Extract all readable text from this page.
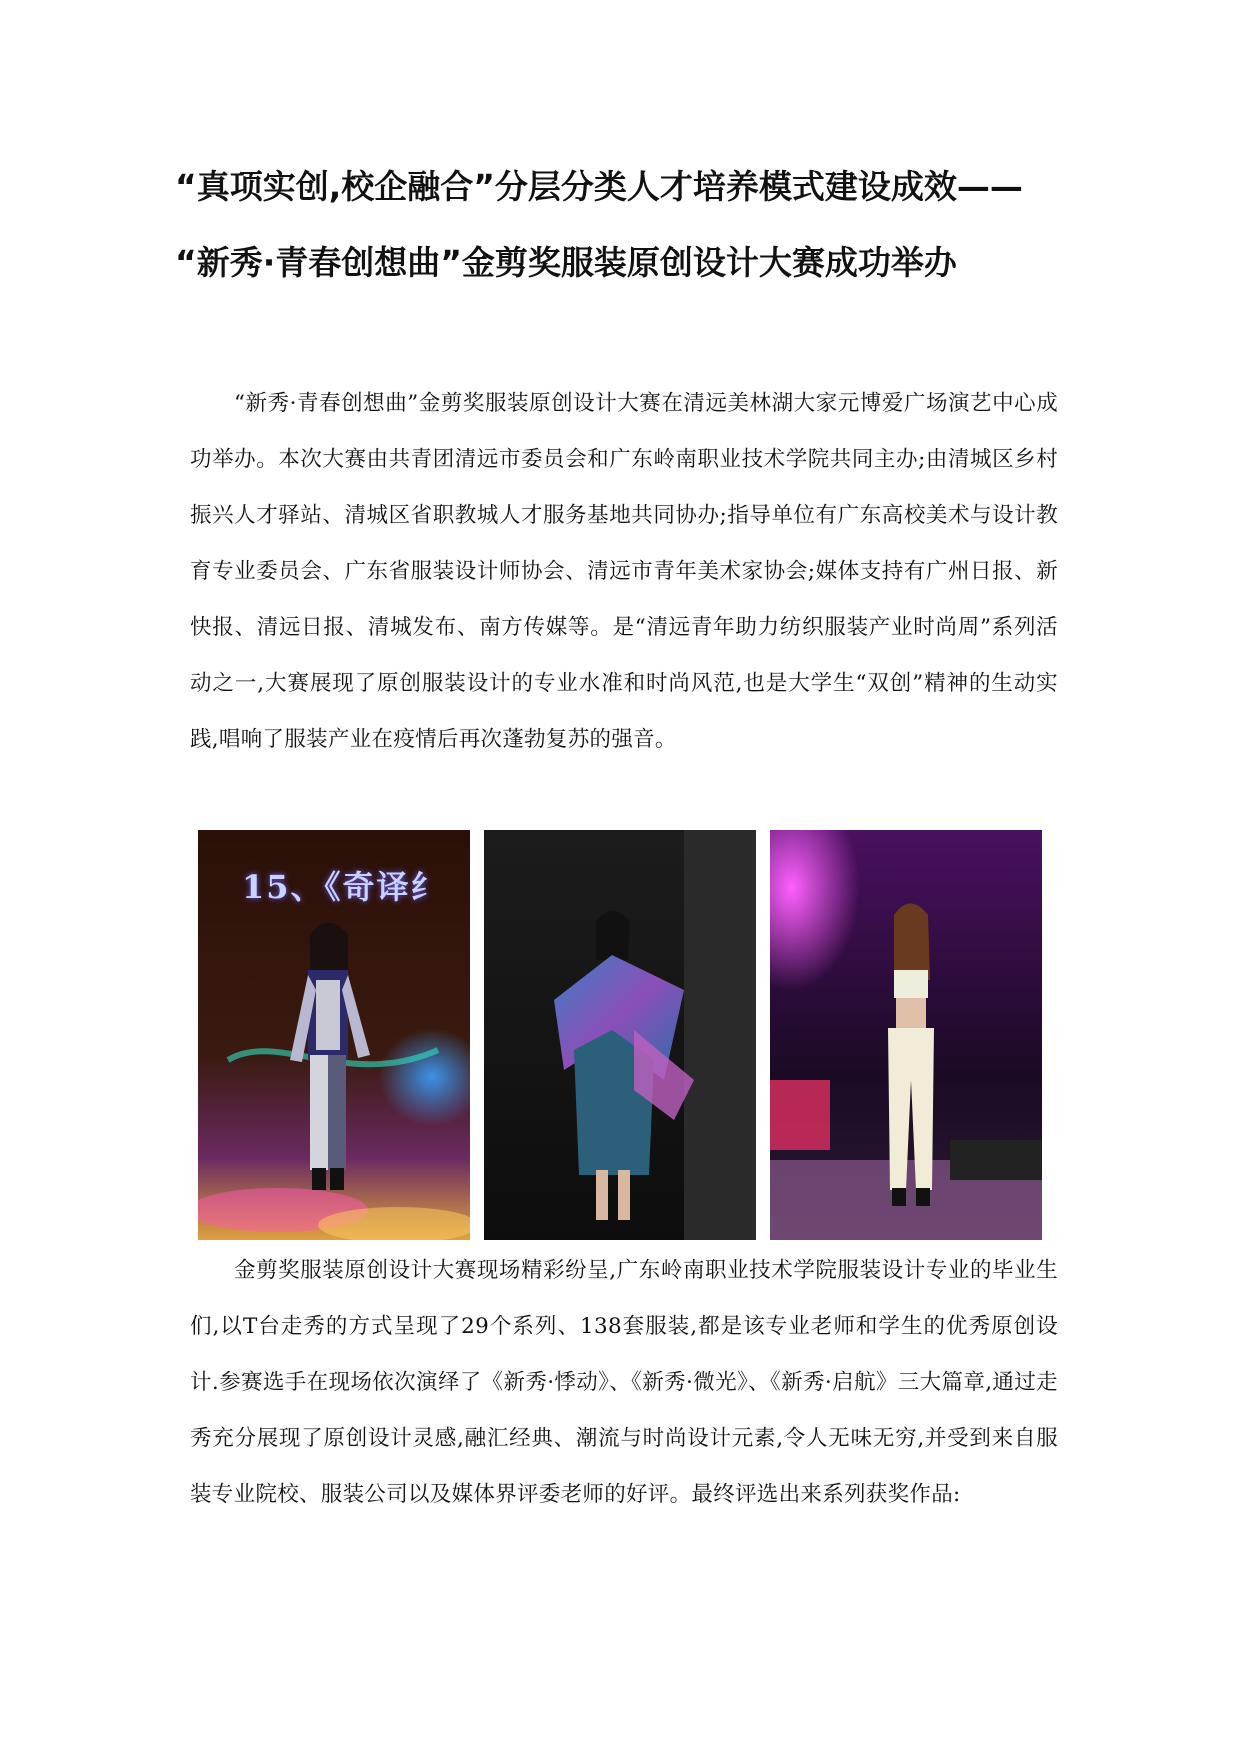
“真项实创,校企融合”分层分类人才培养模式建设成效——
“新秀·青春创想曲”金剪奖服装原创设计大赛成功举办

“新秀·青春创想曲”金剪奖服装原创设计大赛在清远美林湖大家元博爱广场演艺中心成功举办。本次大赛由共青团清远市委员会和广东岭南职业技术学院共同主办;由清城区乡村振兴人才驿站、清城区省职教城人才服务基地共同协办;指导单位有广东高校美术与设计教育专业委员会、广东省服装设计师协会、清远市青年美术家协会;媒体支持有广州日报、新快报、清远日报、清城发布、南方传媒等。是“清远青年助力纺织服装产业时尚周”系列活动之一,大赛展现了原创服装设计的专业水准和时尚风范,也是大学生“双创”精神的生动实践,唱响了服装产业在疫情后再次蓬勃复苏的强音。

15、《奇译纟

金剪奖服装原创设计大赛现场精彩纷呈,广东岭南职业技术学院服装设计专业的毕业生们,以T台走秀的方式呈现了29个系列、138套服装,都是该专业老师和学生的优秀原创设计.参赛选手在现场依次演绎了《新秀·悸动》、《新秀·微光》、《新秀·启航》三大篇章,通过走秀充分展现了原创设计灵感,融汇经典、潮流与时尚设计元素,令人无味无穷,并受到来自服装专业院校、服装公司以及媒体界评委老师的好评。最终评选出来系列获奖作品:
